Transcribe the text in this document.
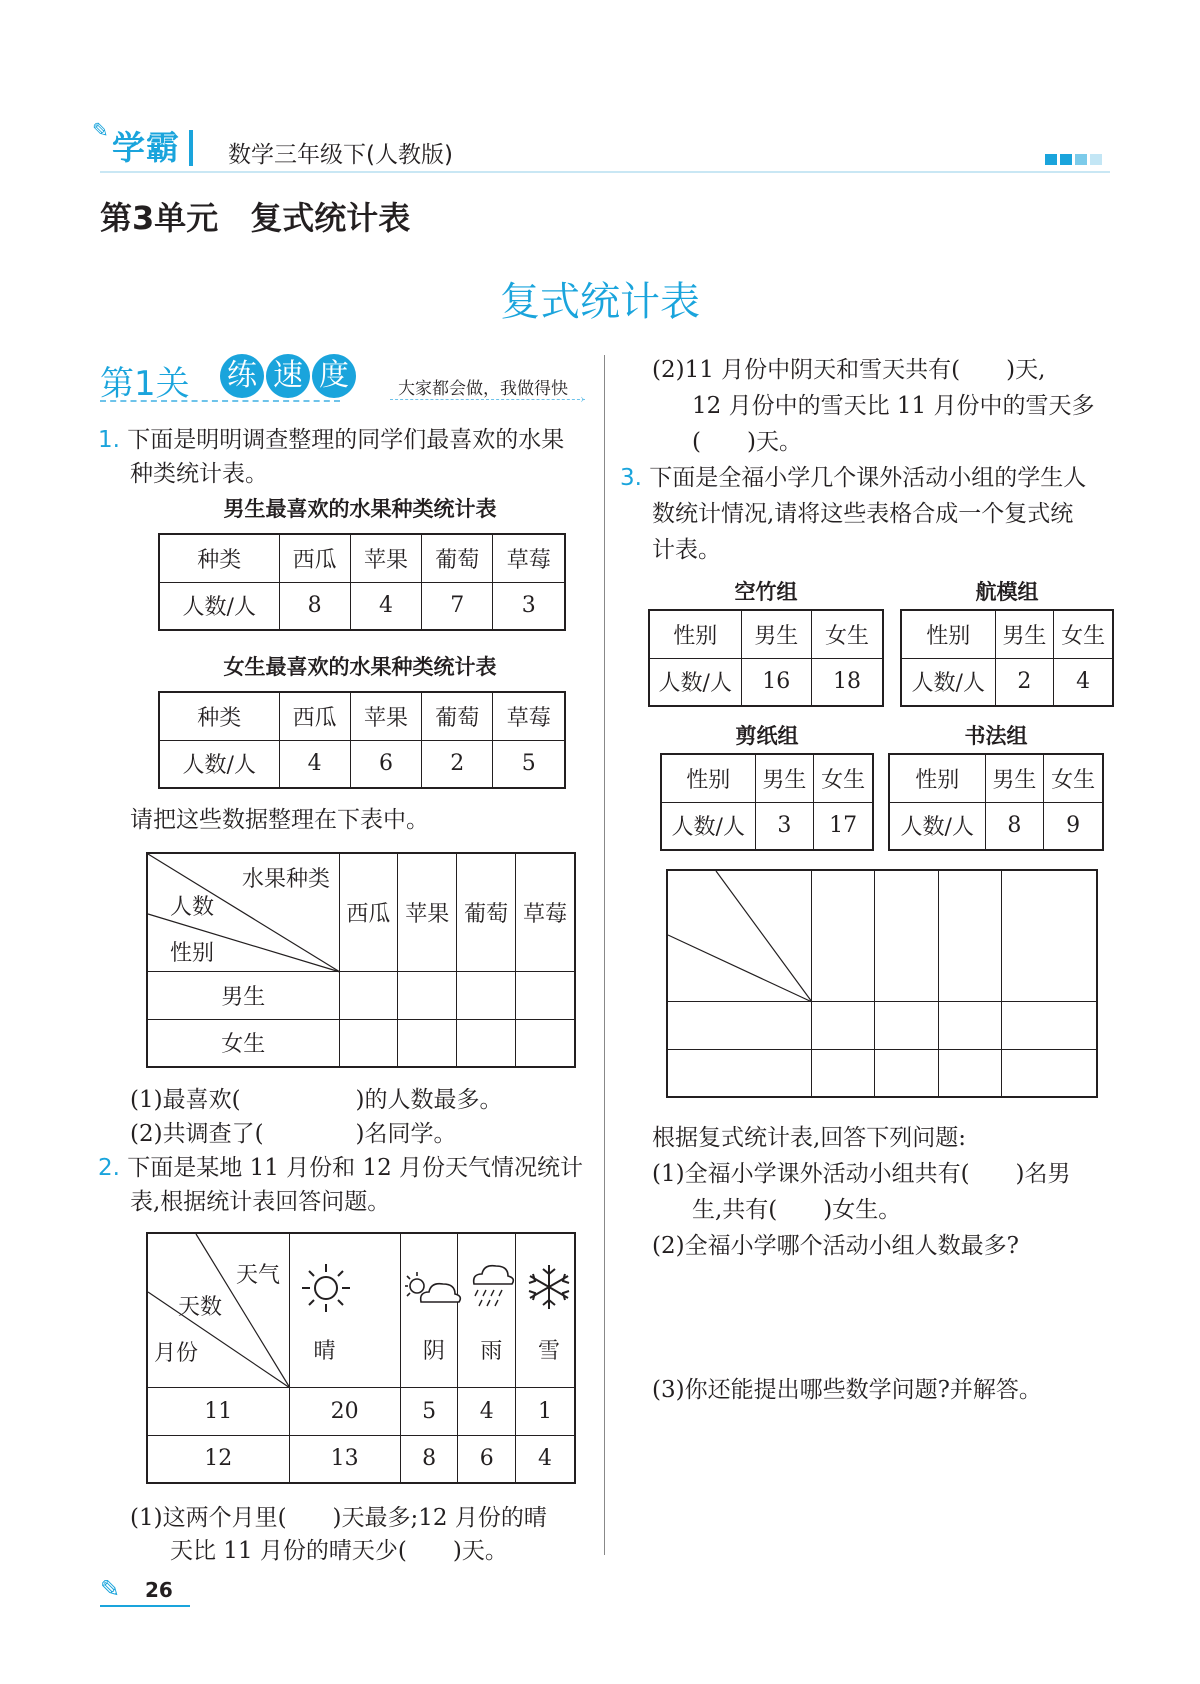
✎ 学霸 数学三年级下(人教版)
第3单元　复式统计表
复式统计表
第1关 练 速 度	大家都会做，我做得快 ›
1. 下面是明明调查整理的同学们最喜欢的水果
种类统计表。
男生最喜欢的水果种类统计表
种类	西瓜	苹果	葡萄	草莓
人数/人	8	4	7	3
女生最喜欢的水果种类统计表
种类	西瓜	苹果	葡萄	草莓
人数/人	4	6	2	5
请把这些数据整理在下表中。
水果种类
人数
性别	西瓜	苹果	葡萄	草莓
男生				
女生				
(1)最喜欢(　　　　　)的人数最多。
(2)共调查了(　　　　)名同学。
2. 下面是某地 11 月份和 12 月份天气情况统计
表,根据统计表回答问题。
天气
天数
月份	晴	阴	雨	雪

11	20	5	4	1
12	13	8	6	4
(1)这两个月里(　　)天最多;12 月份的晴
天比 11 月份的晴天少(　　)天。
(2)11 月份中阴天和雪天共有(　　)天,
12 月份中的雪天比 11 月份中的雪天多
(　　)天。
3. 下面是全福小学几个课外活动小组的学生人
数统计情况,请将这些表格合成一个复式统
计表。
空竹组
性别	男生	女生
人数/人	16	18
航模组
性别	男生	女生
人数/人	2	4
剪纸组
性别	男生	女生
人数/人	3	17
书法组
性别	男生	女生
人数/人	8	9

根据复式统计表,回答下列问题:
(1)全福小学课外活动小组共有(　　)名男
生,共有(　　)女生。
(2)全福小学哪个活动小组人数最多?
(3)你还能提出哪些数学问题?并解答。
✎ 26
